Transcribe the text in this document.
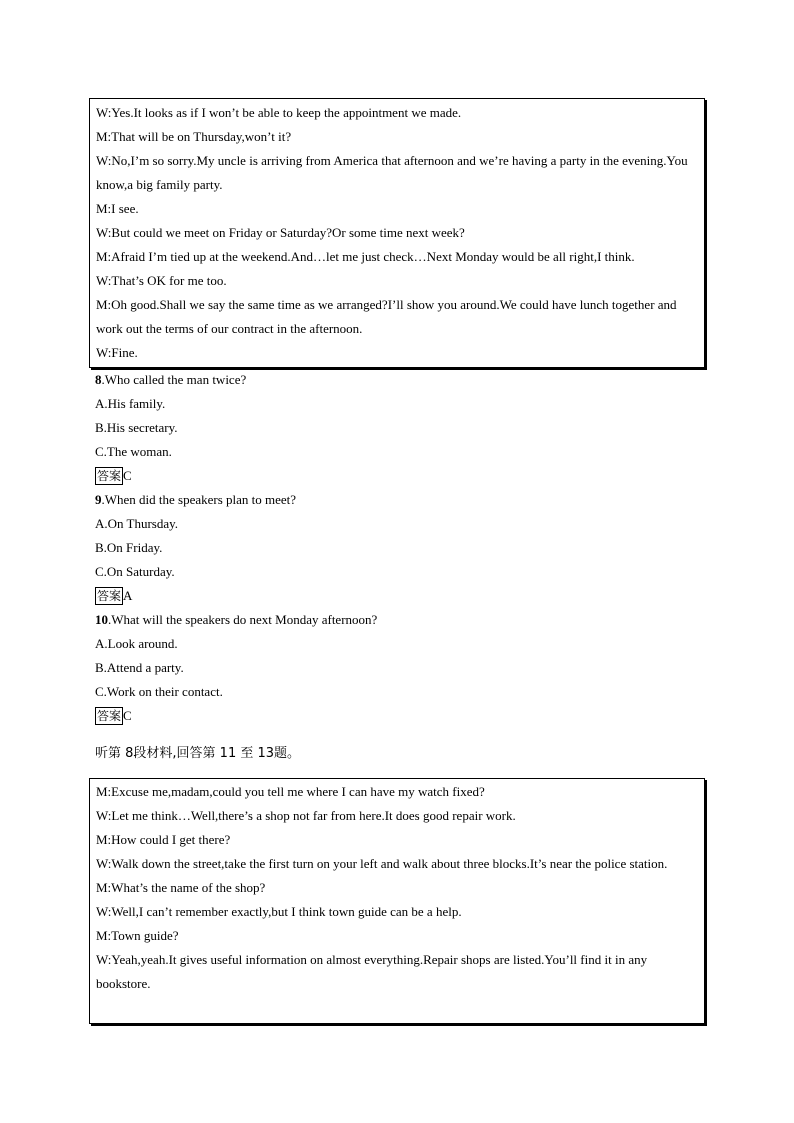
W:Yes.It looks as if I won’t be able to keep the appointment we made.

M:That will be on Thursday,won’t it?

W:No,I’m so sorry.My uncle is arriving from America that afternoon and we’re having a party in the evening.You know,a big family party.

M:I see.

W:But could we meet on Friday or Saturday?Or some time next week?

M:Afraid I’m tied up at the weekend.And…let me just check…Next Monday would be all right,I think.

W:That’s OK for me too.

M:Oh good.Shall we say the same time as we arranged?I’ll show you around.We could have lunch together and work out the terms of our contract in the afternoon.

W:Fine.

8.Who called the man twice?
A.His family.
B.His secretary.
C.The woman.
答案 C
9.When did the speakers plan to meet?
A.On Thursday.
B.On Friday.
C.On Saturday.
答案 A
10.What will the speakers do next Monday afternoon?
A.Look around.
B.Attend a party.
C.Work on their contact.
答案 C
听第 8段材料,回答第 11 至 13题。

M:Excuse me,madam,could you tell me where I can have my watch fixed?

W:Let me think…Well,there’s a shop not far from here.It does good repair work.

M:How could I get there?

W:Walk down the street,take the first turn on your left and walk about three blocks.It’s near the police station.

M:What’s the name of the shop?

W:Well,I can’t remember exactly,but I think town guide can be a help.

M:Town guide?

W:Yeah,yeah.It gives useful information on almost everything.Repair shops are listed.You’ll find it in any bookstore.
